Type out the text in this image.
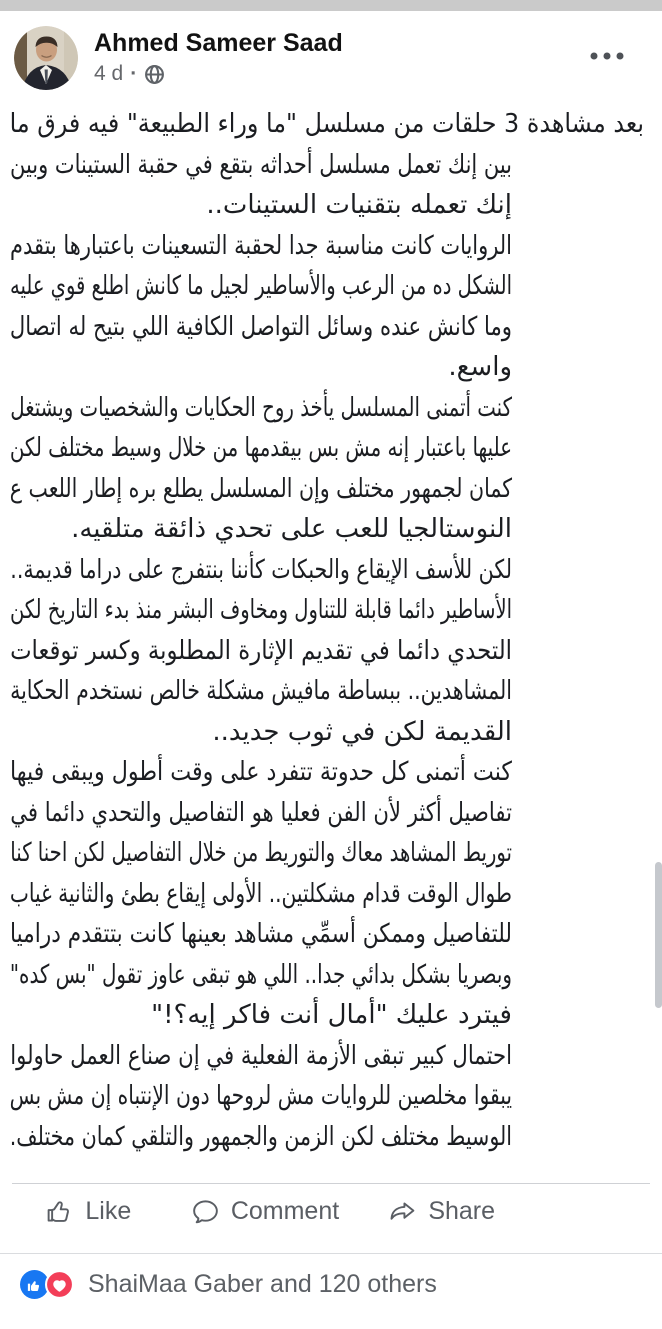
Ahmed Sameer Saad
4 d ·
بعد مشاهدة 3 حلقات من مسلسل "ما وراء الطبيعة" فيه فرق ما
بين إنك تعمل مسلسل أحداثه بتقع في حقبة الستينات وبين
إنك تعمله بتقنيات الستينات..
الروايات كانت مناسبة جدا لحقبة التسعينات باعتبارها بتقدم
الشكل ده من الرعب والأساطير لجيل ما كانش اطلع قوي عليه
وما كانش عنده وسائل التواصل الكافية اللي بتيح له اتصال
واسع.
كنت أتمنى المسلسل يأخذ روح الحكايات والشخصيات ويشتغل
عليها باعتبار إنه مش بس بيقدمها من خلال وسيط مختلف لكن
كمان لجمهور مختلف وإن المسلسل يطلع بره إطار اللعب ع
النوستالجيا للعب على تحدي ذائقة متلقيه.
لكن للأسف الإيقاع والحبكات كأننا بنتفرج على دراما قديمة..
الأساطير دائما قابلة للتناول ومخاوف البشر منذ بدء التاريخ لكن
التحدي دائما في تقديم الإثارة المطلوبة وكسر توقعات
المشاهدين.. ببساطة مافيش مشكلة خالص نستخدم الحكاية
القديمة لكن في ثوب جديد..
كنت أتمنى كل حدوتة تتفرد على وقت أطول ويبقى فيها
تفاصيل أكثر لأن الفن فعليا هو التفاصيل والتحدي دائما في
توريط المشاهد معاك والتوريط من خلال التفاصيل لكن احنا كنا
طوال الوقت قدام مشكلتين.. الأولى إيقاع بطئ والثانية غياب
للتفاصيل وممكن أسمِّي مشاهد بعينها كانت بتتقدم دراميا
وبصريا بشكل بدائي جدا.. اللي هو تبقى عاوز تقول "بس كده"
فيترد عليك "أمال أنت فاكر إيه؟!"
احتمال كبير تبقى الأزمة الفعلية في إن صناع العمل حاولوا
يبقوا مخلصين للروايات مش لروحها دون الإنتباه إن مش بس
الوسيط مختلف لكن الزمن والجمهور والتلقي كمان مختلف.
Like	Comment	Share
ShaiMaa Gaber and 120 others
